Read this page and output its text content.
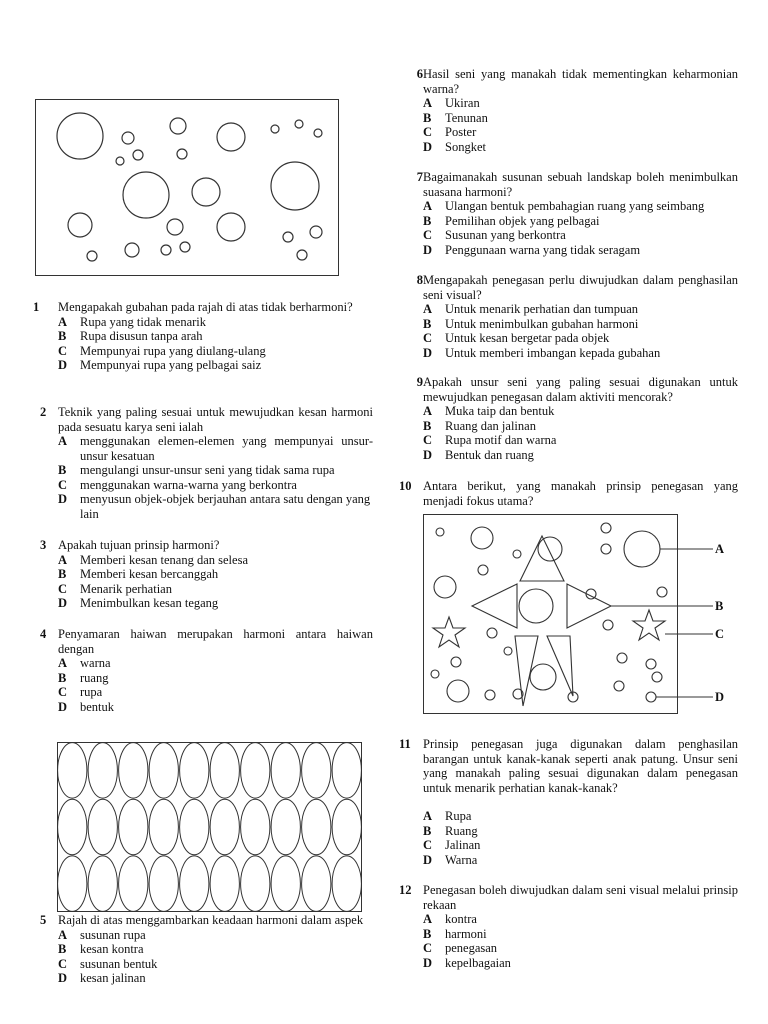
1	Mengapakah gubahan pada rajah di atas tidak berharmoni?
A	Rupa yang tidak menarik
B	Rupa disusun tanpa arah
C	Mempunyai rupa yang diulang-ulang
D	Mempunyai rupa yang pelbagai saiz
2 Teknik yang paling sesuai untuk mewujudkan kesan harmoni pada sesuatu karya seni ialah
A	menggunakan elemen-elemen yang mempunyai unsur-unsur kesatuan
B	mengulangi unsur-unsur seni yang tidak sama rupa
C	menggunakan warna-warna yang berkontra
D	menyusun objek-objek berjauhan antara satu dengan yang lain
3 Apakah tujuan prinsip harmoni?
A	Memberi kesan tenang dan selesa
B	Memberi kesan bercanggah
C	Menarik perhatian
D	Menimbulkan kesan tegang
4 Penyamaran haiwan merupakan harmoni antara haiwan dengan
A	warna
B	ruang
C	rupa
D	bentuk
5 Rajah di atas menggambarkan keadaan harmoni dalam aspek
A	susunan rupa
B	kesan kontra
C	susunan bentuk
D	kesan jalinan
6 Hasil seni yang manakah tidak mementingkan keharmonian warna?
A	Ukiran
B	Tenunan
C	Poster
D	Songket
7 Bagaimanakah susunan sebuah landskap boleh menimbulkan suasana harmoni?
A	Ulangan bentuk pembahagian ruang yang seimbang
B	Pemilihan objek yang pelbagai
C	Susunan yang berkontra
D	Penggunaan warna yang tidak seragam
8 Mengapakah penegasan perlu diwujudkan dalam penghasilan seni visual?
A	Untuk menarik perhatian dan tumpuan
B	Untuk menimbulkan gubahan harmoni
C	Untuk kesan bergetar pada objek
D	Untuk memberi imbangan kepada gubahan
9 Apakah unsur seni yang paling sesuai digunakan untuk mewujudkan penegasan dalam aktiviti mencorak?
A	Muka taip dan bentuk
B	Ruang dan jalinan
C	Rupa motif dan warna
D	Bentuk dan ruang
10 Antara berikut, yang manakah prinsip penegasan yang menjadi fokus utama?
A
B
C
D
11 Prinsip penegasan juga digunakan dalam penghasilan barangan untuk kanak-kanak seperti anak patung. Unsur seni yang manakah paling sesuai digunakan dalam penegasan untuk menarik perhatian kanak-kanak?
A	Rupa
B	Ruang
C	Jalinan
D	Warna
12 Penegasan boleh diwujudkan dalam seni visual melalui prinsip rekaan
A	kontra
B	harmoni
C	penegasan
D	kepelbagaian
